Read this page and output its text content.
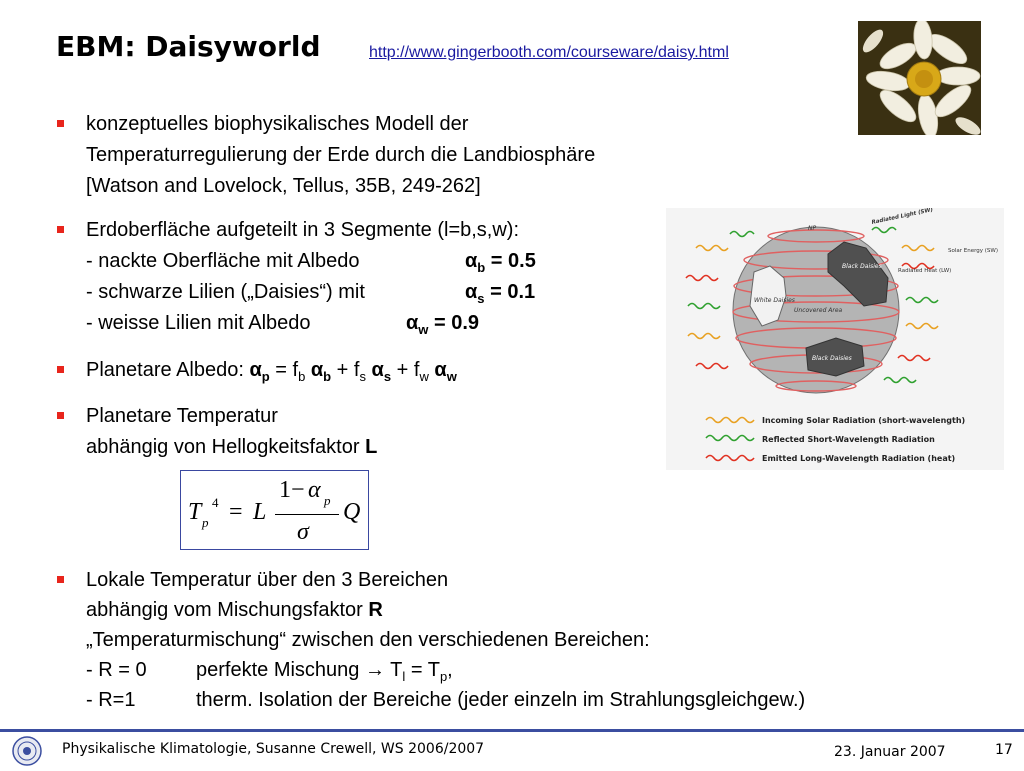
EBM: Daisyworld	http://www.gingerbooth.com/courseware/daisy.html
konzeptuelles biophysikalisches Modell der
Temperaturregulierung der Erde durch die Landbiosphäre
[Watson and Lovelock, Tellus, 35B, 249-262]
Erdoberfläche aufgeteilt in 3 Segmente (l=b,s,w):
- nackte Oberfläche mit Albedo	$\alpha_b = 0.5$
- schwarze Lilien („Daisies“) mit	$\alpha_s = 0.1$
- weisse Lilien mit Albedo	$\alpha_w = 0.9$
Planetare Albedo: $\alpha_p = f_b$ $\alpha_b + f_s$ $\alpha_s + f_w$ $\alpha_w$
Planetare Temperatur
abhängig von Hellogkeitsfaktor L
T p
4 = L
1− α p
σ
Q
Lokale Temperatur über den 3 Bereichen
abhängig vom Mischungsfaktor R
„Temperaturmischung“ zwischen den verschiedenen Bereichen:
- R = 0 perfekte Mischung → $T_l = T_p$,
- R=1	therm. Isolation der Bereiche (jeder einzeln im Strahlungsgleichgew.)
NP
Black Daisies
White Daisies
Uncovered Area
Black Daisies
Radiated Light (SW)
Solar Energy (SW)
Radiated Heat (LW)
Incoming Solar Radiation (short-wavelength)
Reflected Short-Wavelength Radiation
Emitted Long-Wavelength Radiation (heat)
Physikalische Klimatologie, Susanne Crewell, WS 2006/2007	23. Januar 2007	17
